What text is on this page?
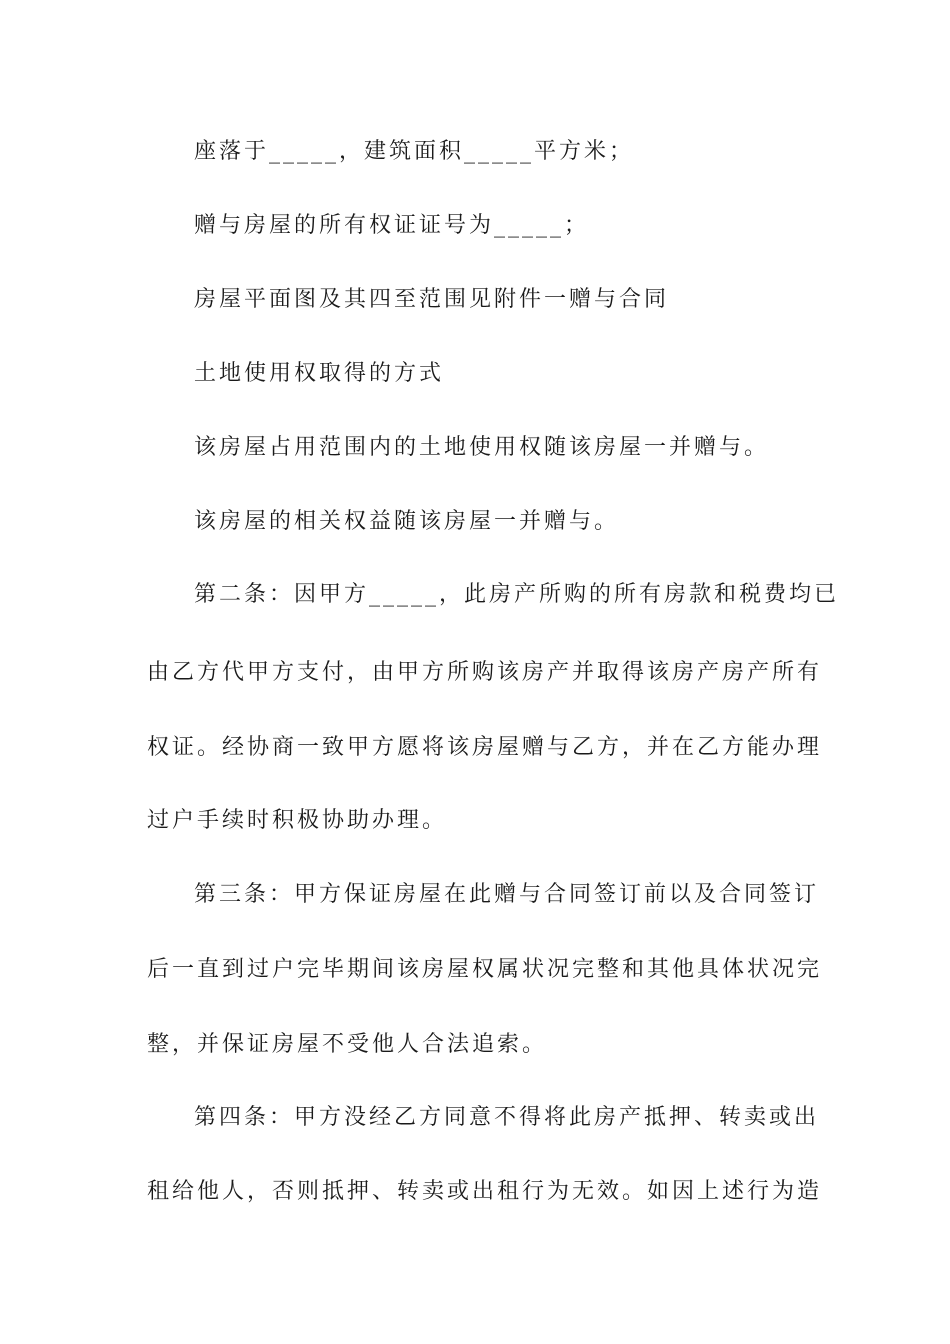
座落于_____，建筑面积_____平方米；
赠与房屋的所有权证证号为_____；
房屋平面图及其四至范围见附件一赠与合同
土地使用权取得的方式
该房屋占用范围内的土地使用权随该房屋一并赠与。
该房屋的相关权益随该房屋一并赠与。
第二条：因甲方_____，此房产所购的所有房款和税费均已
由乙方代甲方支付，由甲方所购该房产并取得该房产房产所有
权证。经协商一致甲方愿将该房屋赠与乙方，并在乙方能办理
过户手续时积极协助办理。
第三条：甲方保证房屋在此赠与合同签订前以及合同签订
后一直到过户完毕期间该房屋权属状况完整和其他具体状况完
整，并保证房屋不受他人合法追索。
第四条：甲方没经乙方同意不得将此房产抵押、转卖或出
租给他人，否则抵押、转卖或出租行为无效。如因上述行为造
